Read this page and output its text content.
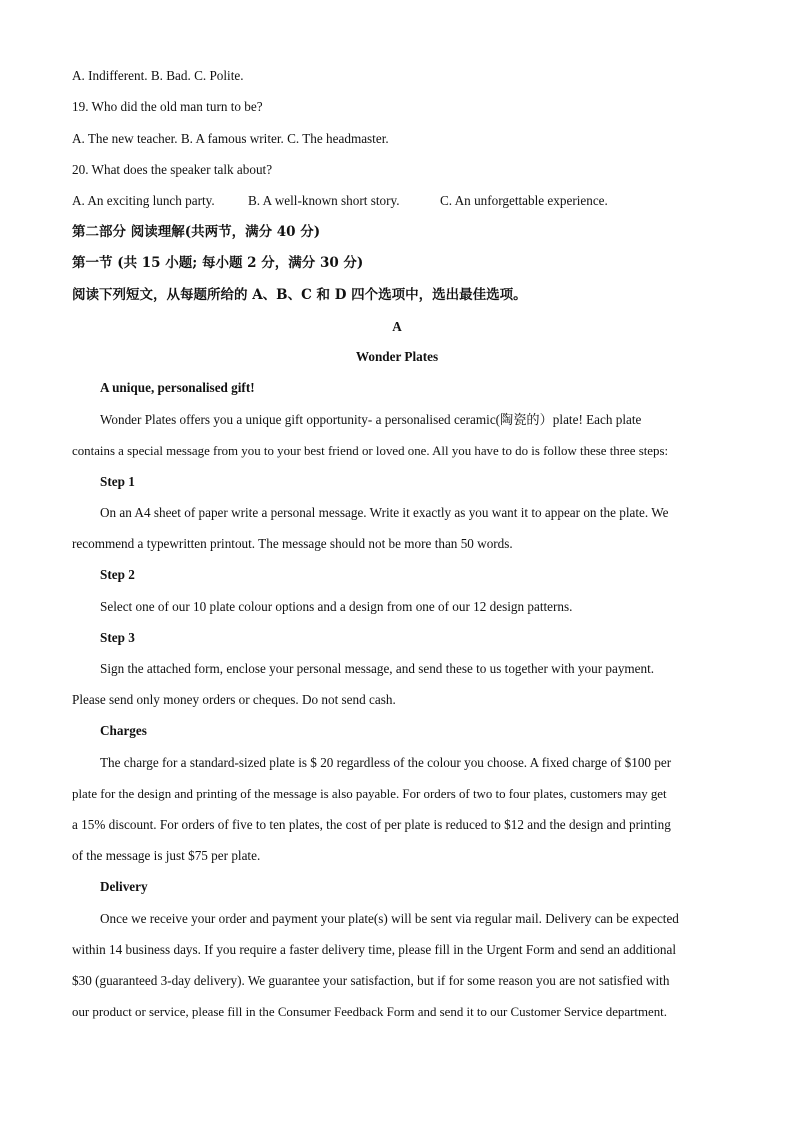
A. Indifferent. B. Bad. C. Polite.
19. Who did the old man turn to be?
A. The new teacher. B. A famous writer. C. The headmaster.
20. What does the speaker talk about?
A. An exciting lunch party.	B. A well-known short story.	C. An unforgettable experience.
第二部分 阅读理解(共两节，满分 40 分)
第一节 (共 15 小题; 每小题 2 分，满分 30 分)
阅读下列短文，从每题所给的 A、B、C 和 D 四个选项中，选出最佳选项。
A
Wonder Plates
A unique, personalised gift!
Wonder Plates offers you a unique gift opportunity- a personalised ceramic(陶瓷的）plate! Each plate
contains a special message from you to your best friend or loved one. All you have to do is follow these three steps:
Step 1
On an A4 sheet of paper write a personal message. Write it exactly as you want it to appear on the plate. We
recommend a typewritten printout. The message should not be more than 50 words.
Step 2
Select one of our 10 plate colour options and a design from one of our 12 design patterns.
Step 3
Sign the attached form, enclose your personal message, and send these to us together with your payment.
Please send only money orders or cheques. Do not send cash.
Charges
The charge for a standard-sized plate is $ 20 regardless of the colour you choose. A fixed charge of $100 per
plate for the design and printing of the message is also payable. For orders of two to four plates, customers may get
a 15% discount. For orders of five to ten plates, the cost of per plate is reduced to $12 and the design and printing
of the message is just $75 per plate.
Delivery
Once we receive your order and payment your plate(s) will be sent via regular mail. Delivery can be expected
within 14 business days. If you require a faster delivery time, please fill in the Urgent Form and send an additional
$30 (guaranteed 3-day delivery). We guarantee your satisfaction, but if for some reason you are not satisfied with
our product or service, please fill in the Consumer Feedback Form and send it to our Customer Service department.
